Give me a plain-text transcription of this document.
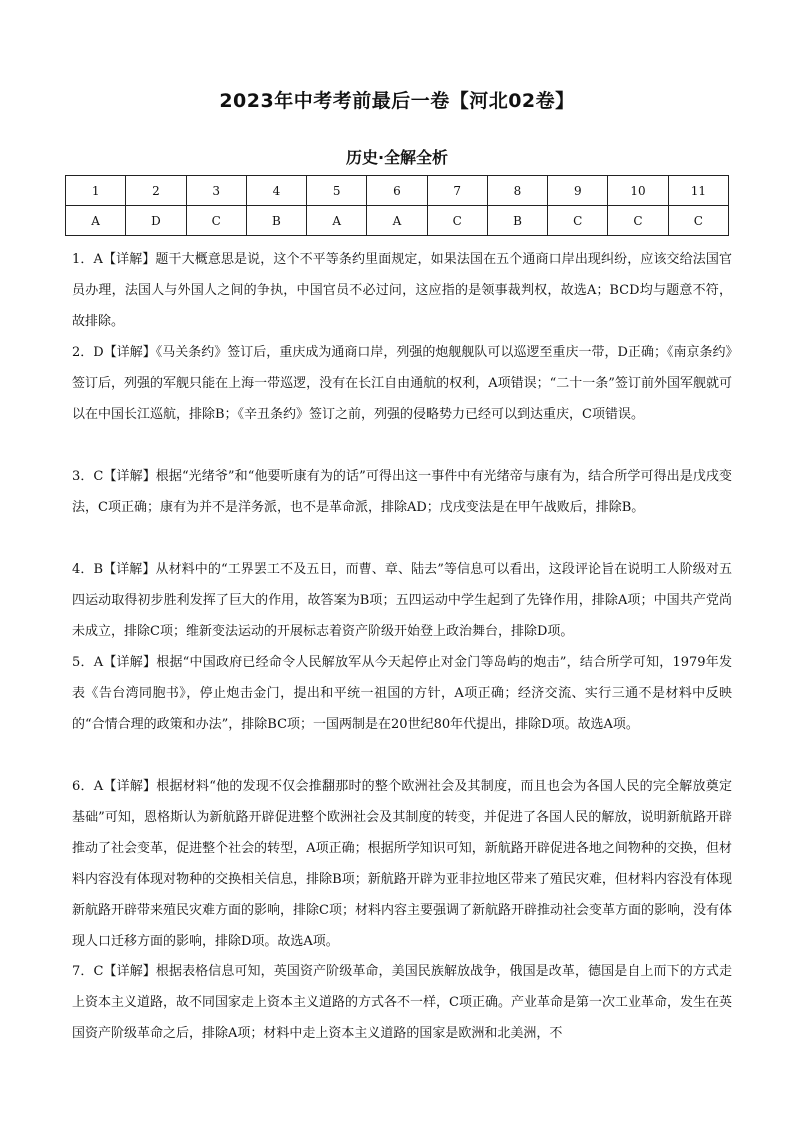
2023年中考考前最后一卷【河北02卷】
历史·全解全析
1	2	3	4	5	6	7	8	9	10	11
A	D	C	B	A	A	C	B	C	C	C

1．A【详解】题干大概意思是说，这个不平等条约里面规定，如果法国在五个通商口岸出现纠纷，应该交给法国官员办理，法国人与外国人之间的争执，中国官员不必过问，这应指的是领事裁判权，故选A；BCD均与题意不符，故排除。

2．D【详解】《马关条约》签订后，重庆成为通商口岸，列强的炮舰舰队可以巡逻至重庆一带，D正确；《南京条约》签订后，列强的军舰只能在上海一带巡逻，没有在长江自由通航的权利，A项错误；“二十一条”签订前外国军舰就可以在中国长江巡航，排除B；《辛丑条约》签订之前，列强的侵略势力已经可以到达重庆，C项错误。

3．C【详解】根据“光绪爷”和“他要听康有为的话”可得出这一事件中有光绪帝与康有为，结合所学可得出是戊戌变法，C项正确；康有为并不是洋务派，也不是革命派，排除AD；戊戌变法是在甲午战败后，排除B。

4．B【详解】从材料中的“工界罢工不及五日，而曹、章、陆去”等信息可以看出，这段评论旨在说明工人阶级对五四运动取得初步胜利发挥了巨大的作用，故答案为B项；五四运动中学生起到了先锋作用，排除A项；中国共产党尚未成立，排除C项；维新变法运动的开展标志着资产阶级开始登上政治舞台，排除D项。

5．A【详解】根据“中国政府已经命令人民解放军从今天起停止对金门等岛屿的炮击”，结合所学可知，1979年发表《告台湾同胞书》，停止炮击金门，提出和平统一祖国的方针，A项正确；经济交流、实行三通不是材料中反映的“合情合理的政策和办法”，排除BC项；一国两制是在20世纪80年代提出，排除D项。故选A项。

6．A【详解】根据材料“他的发现不仅会推翻那时的整个欧洲社会及其制度，而且也会为各国人民的完全解放奠定基础”可知，恩格斯认为新航路开辟促进整个欧洲社会及其制度的转变，并促进了各国人民的解放，说明新航路开辟推动了社会变革，促进整个社会的转型，A项正确；根据所学知识可知，新航路开辟促进各地之间物种的交换，但材料内容没有体现对物种的交换相关信息，排除B项；新航路开辟为亚非拉地区带来了殖民灾难，但材料内容没有体现新航路开辟带来殖民灾难方面的影响，排除C项；材料内容主要强调了新航路开辟推动社会变革方面的影响，没有体现人口迁移方面的影响，排除D项。故选A项。

7．C【详解】根据表格信息可知，英国资产阶级革命，美国民族解放战争，俄国是改革，德国是自上而下的方式走上资本主义道路，故不同国家走上资本主义道路的方式各不一样，C项正确。产业革命是第一次工业革命，发生在英国资产阶级革命之后，排除A项；材料中走上资本主义道路的国家是欧洲和北美洲，不
